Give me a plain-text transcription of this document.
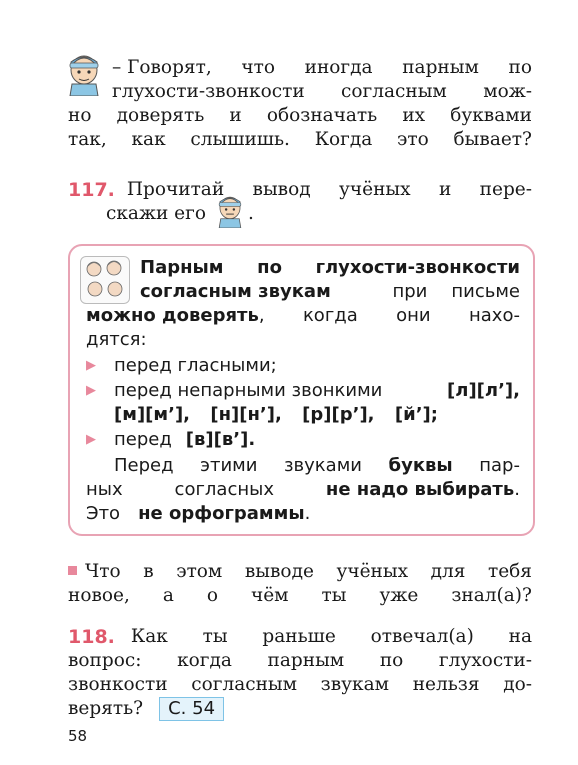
– Говорят, что иногда парным по
глухости-звонкости согласным мож-
но доверять и обозначать их буквами
так, как слышишь. Когда это бывает?
117. Прочитай вывод учёных и пере-
скажи его .
Парным по глухости-звонкости
согласным звукам	при письме
можно доверять , когда они нахо-
дятся:
▶ перед гласными;
▶ перед непарными звонкими	[л][л’],
[м][м’], [н][н’], [р][р’], [й’];
▶ перед [в][в’].
Перед этими звуками буквы пар-
ных	согласных	не надо выбирать .
Это не орфограммы .
Что в этом выводе учёных для тебя
новое, а о чём ты уже знал(а)?
118. Как ты раньше отвечал(а) на
вопрос: когда парным по глухости-
звонкости согласным звукам нельзя до-
верять?	С. 54
58
